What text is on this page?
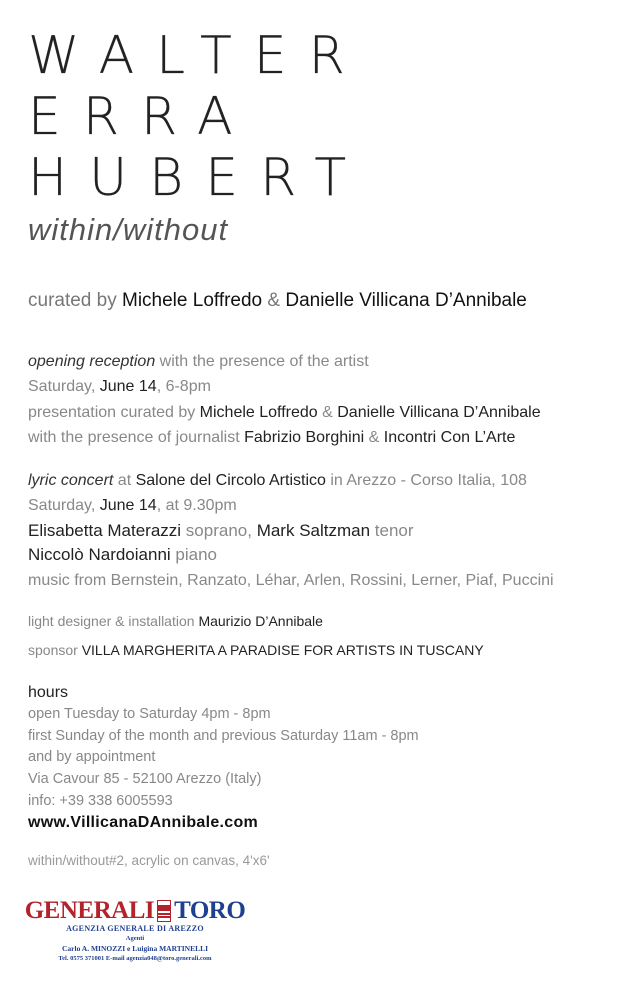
WALTER
ERRA
HUBERT
within/without
curated by Michele Loffredo & Danielle Villicana D’Annibale
opening reception with the presence of the artist
Saturday, June 14, 6-8pm
presentation curated by Michele Loffredo & Danielle Villicana D’Annibale
with the presence of journalist Fabrizio Borghini & Incontri Con L’Arte
lyric concert at Salone del Circolo Artistico in Arezzo - Corso Italia, 108
Saturday, June 14, at 9.30pm
Elisabetta Materazzi soprano, Mark Saltzman tenor
Niccolò Nardoianni piano
music from Bernstein, Ranzato, Léhar, Arlen, Rossini, Lerner, Piaf, Puccini
light designer & installation Maurizio D’Annibale
sponsor VILLA MARGHERITA A PARADISE FOR ARTISTS IN TUSCANY
hours
open Tuesday to Saturday 4pm - 8pm
first Sunday of the month and previous Saturday 11am - 8pm
and by appointment
Via Cavour 85 - 52100 Arezzo (Italy)
info: +39 338 6005593
www.VillicanaDAnnibale.com
within/without#2, acrylic on canvas, 4'x6'
GENERALI TORO
AGENZIA GENERALE DI AREZZO
Agenti
Carlo A. MINOZZI e Luigina MARTINELLI
Tel. 0575 371001 E-mail agenzia048@toro.generali.com
